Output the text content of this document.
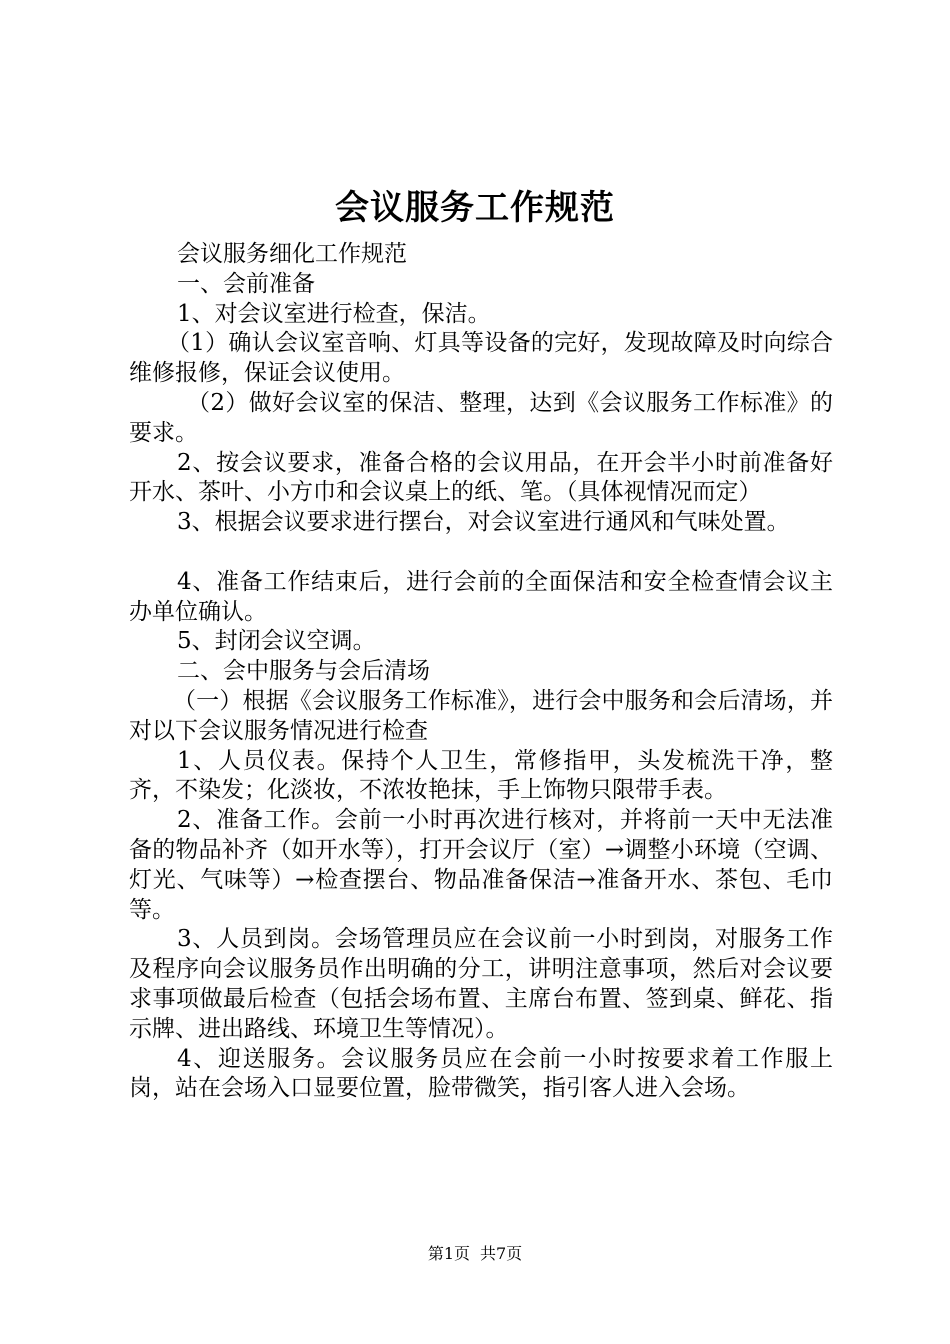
会议服务工作规范

会议服务细化工作规范

一、会前准备

1、对会议室进行检查，保洁。

（1）确认会议室音响、灯具等设备的完好，发现故障及时向综合维修报修，保证会议使用。

（2）做好会议室的保洁、整理，达到《会议服务工作标准》的要求。

2、按会议要求，准备合格的会议用品，在开会半小时前准备好开水、茶叶、小方巾和会议桌上的纸、笔。（具体视情况而定）

3、根据会议要求进行摆台，对会议室进行通风和气味处置。

4、准备工作结束后，进行会前的全面保洁和安全检查情会议主办单位确认。

5、封闭会议空调。

二、会中服务与会后清场

（一）根据《会议服务工作标准》，进行会中服务和会后清场，并对以下会议服务情况进行检查

1、人员仪表。保持个人卫生，常修指甲，头发梳洗干净，整齐，不染发；化淡妆，不浓妆艳抹，手上饰物只限带手表。

2、准备工作。会前一小时再次进行核对，并将前一天中无法准备的物品补齐（如开水等），打开会议厅（室）→调整小环境（空调、灯光、气味等）→检查摆台、物品准备保洁→准备开水、茶包、毛巾等。

3、人员到岗。会场管理员应在会议前一小时到岗，对服务工作及程序向会议服务员作出明确的分工，讲明注意事项，然后对会议要求事项做最后检查（包括会场布置、主席台布置、签到桌、鲜花、指示牌、进出路线、环境卫生等情况）。

4、迎送服务。会议服务员应在会前一小时按要求着工作服上岗，站在会场入口显要位置，脸带微笑，指引客人进入会场。

第1页 共7页
